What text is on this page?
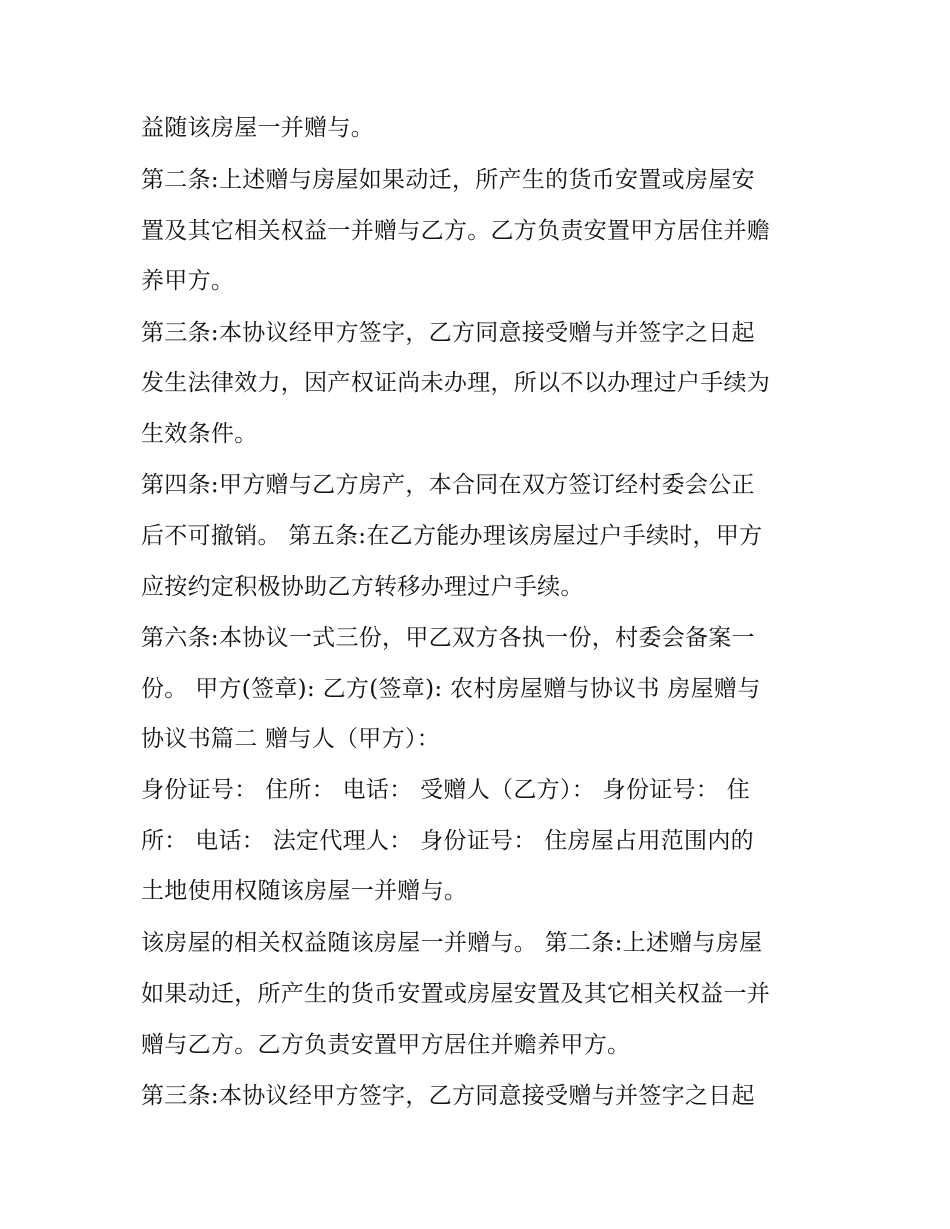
益随该房屋一并赠与。
第二条:上述赠与房屋如果动迁，所产生的货币安置或房屋安
置及其它相关权益一并赠与乙方。乙方负责安置甲方居住并赡
养甲方。
第三条:本协议经甲方签字，乙方同意接受赠与并签字之日起
发生法律效力，因产权证尚未办理，所以不以办理过户手续为
生效条件。
第四条:甲方赠与乙方房产，本合同在双方签订经村委会公正
后不可撤销。 第五条:在乙方能办理该房屋过户手续时，甲方
应按约定积极协助乙方转移办理过户手续。
第六条:本协议一式三份，甲乙双方各执一份，村委会备案一
份。 甲方(签章): 乙方(签章): 农村房屋赠与协议书 房屋赠与
协议书篇二 赠与人（甲方）：
身份证号： 住所： 电话： 受赠人（乙方）： 身份证号： 住
所： 电话： 法定代理人： 身份证号： 住房屋占用范围内的
土地使用权随该房屋一并赠与。
该房屋的相关权益随该房屋一并赠与。 第二条:上述赠与房屋
如果动迁，所产生的货币安置或房屋安置及其它相关权益一并
赠与乙方。乙方负责安置甲方居住并赡养甲方。
第三条:本协议经甲方签字，乙方同意接受赠与并签字之日起
